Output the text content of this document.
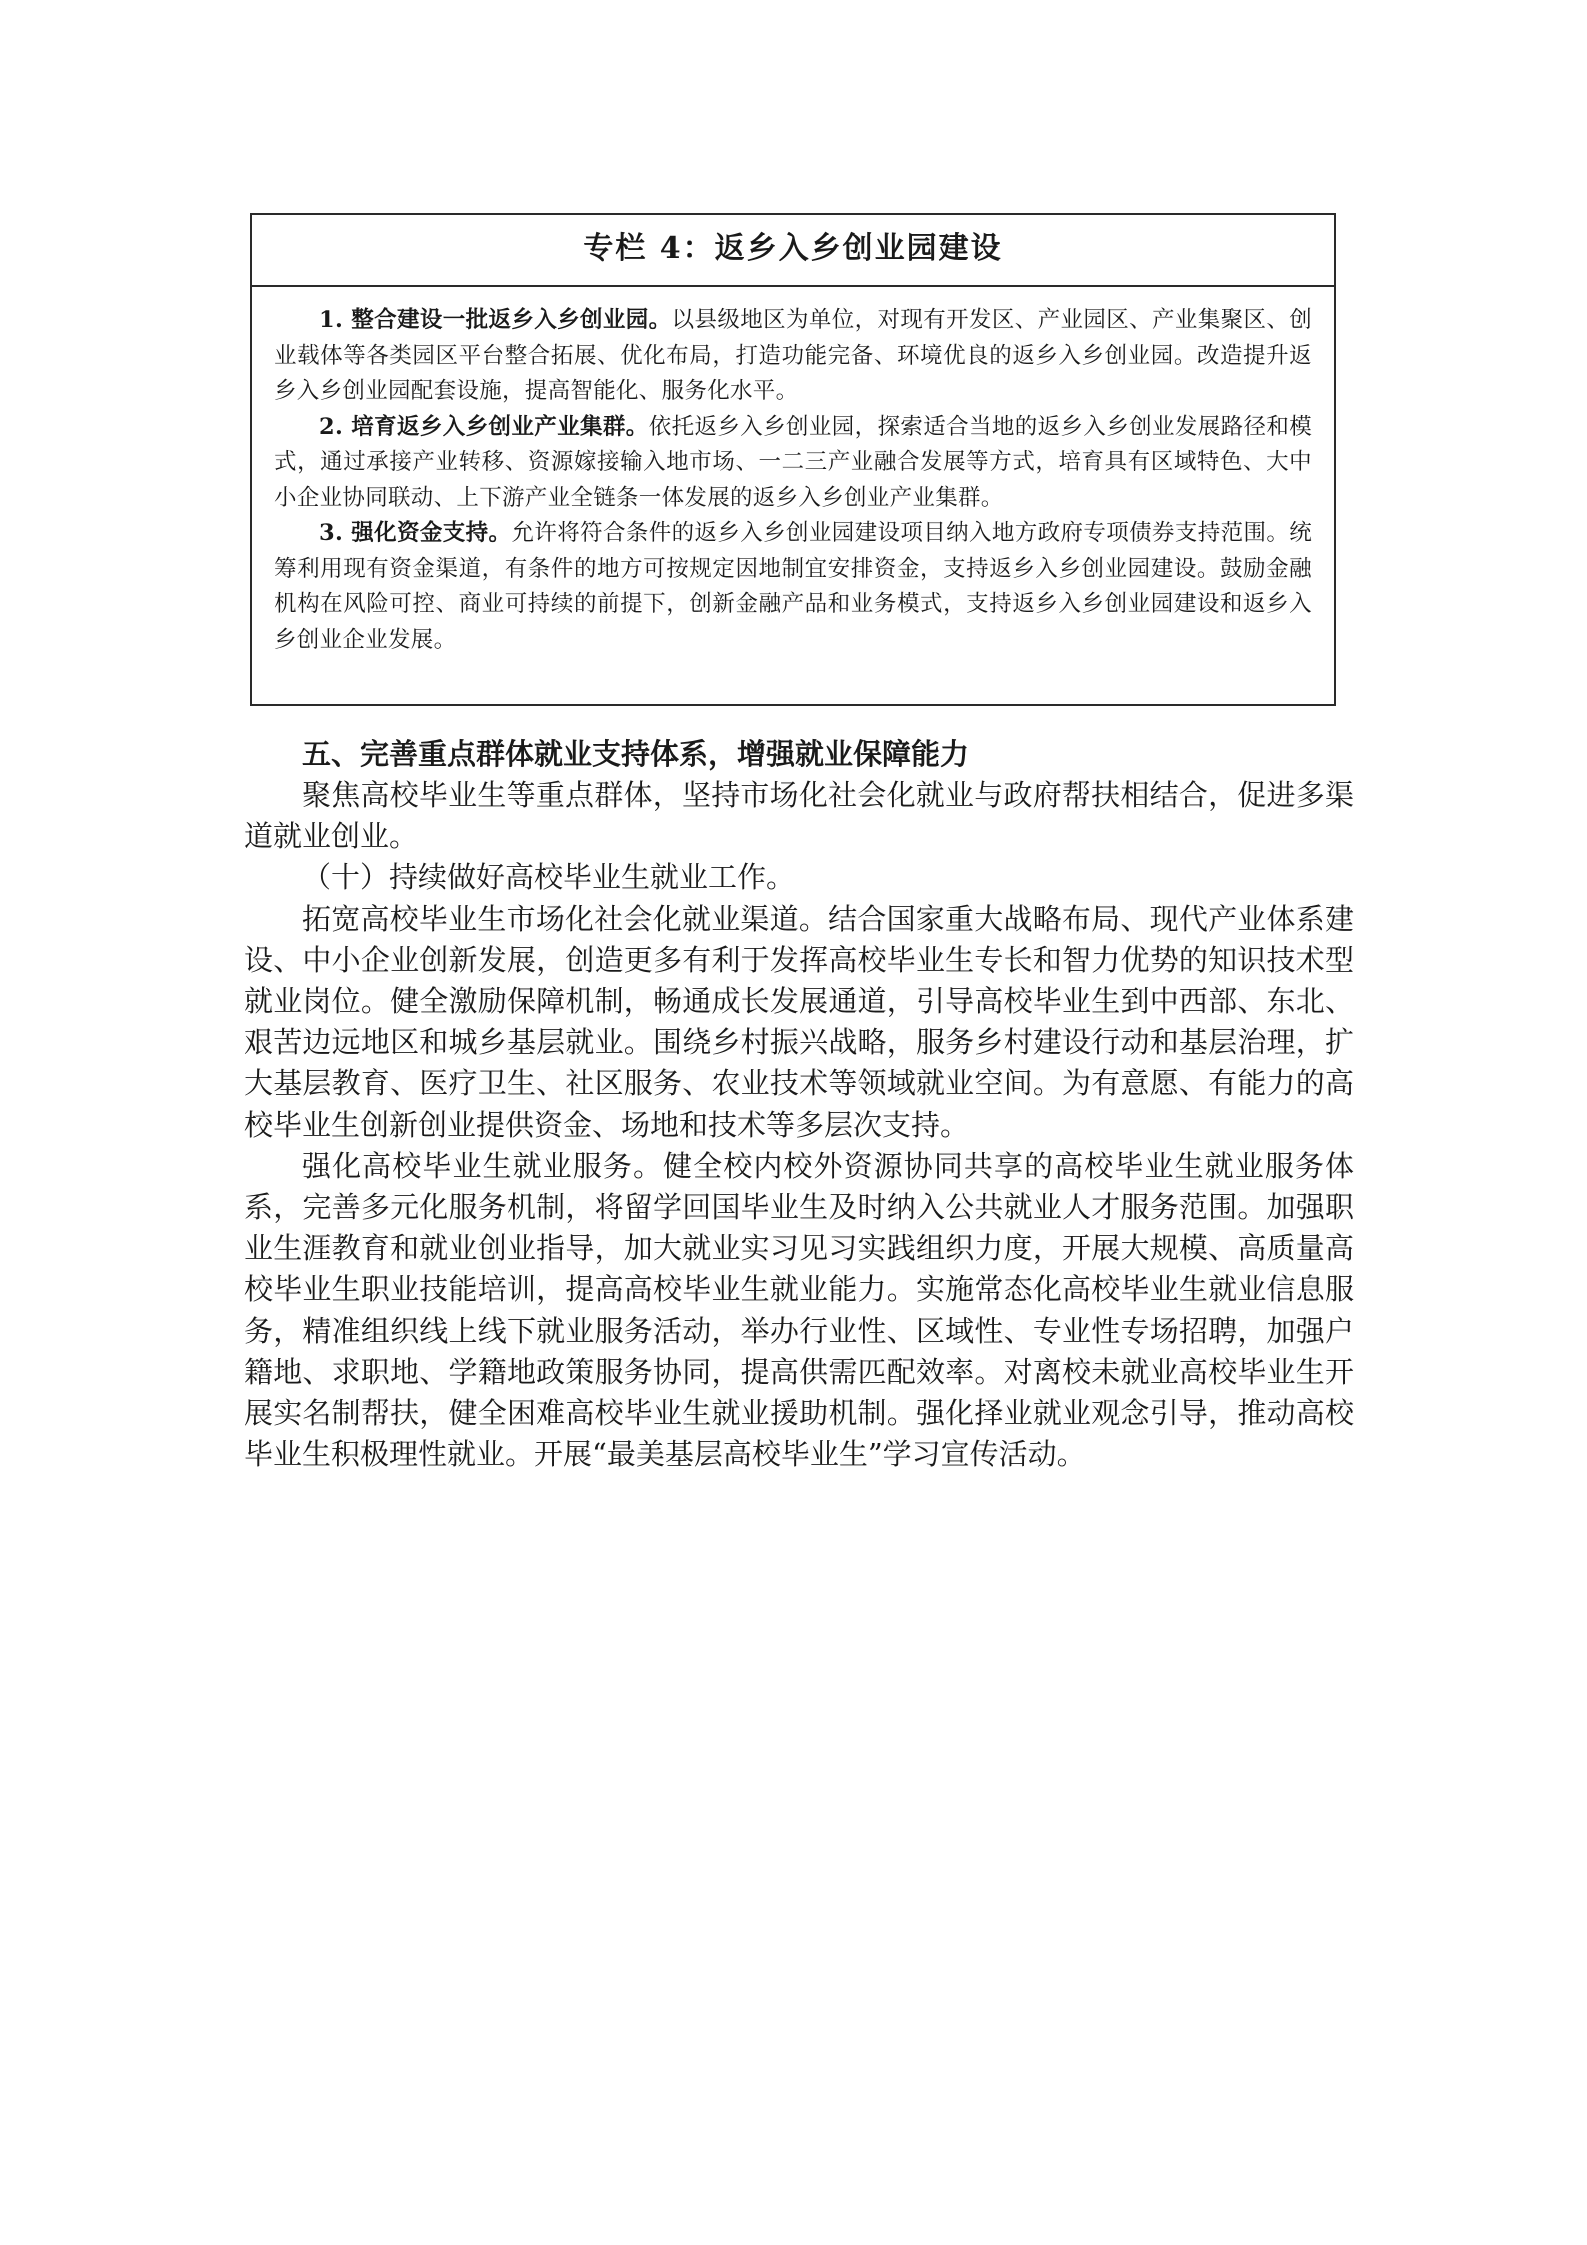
专栏 4：返乡入乡创业园建设

1. 整合建设一批返乡入乡创业园。以县级地区为单位，对现有开发区、产业园区、产业集聚区、创业载体等各类园区平台整合拓展、优化布局，打造功能完备、环境优良的返乡入乡创业园。改造提升返乡入乡创业园配套设施，提高智能化、服务化水平。

2. 培育返乡入乡创业产业集群。依托返乡入乡创业园，探索适合当地的返乡入乡创业发展路径和模式，通过承接产业转移、资源嫁接输入地市场、一二三产业融合发展等方式，培育具有区域特色、大中小企业协同联动、上下游产业全链条一体发展的返乡入乡创业产业集群。

3. 强化资金支持。允许将符合条件的返乡入乡创业园建设项目纳入地方政府专项债券支持范围。统筹利用现有资金渠道，有条件的地方可按规定因地制宜安排资金，支持返乡入乡创业园建设。鼓励金融机构在风险可控、商业可持续的前提下，创新金融产品和业务模式，支持返乡入乡创业园建设和返乡入乡创业企业发展。

五、完善重点群体就业支持体系，增强就业保障能力

聚焦高校毕业生等重点群体，坚持市场化社会化就业与政府帮扶相结合，促进多渠道就业创业。

（十）持续做好高校毕业生就业工作。

拓宽高校毕业生市场化社会化就业渠道。结合国家重大战略布局、现代产业体系建设、中小企业创新发展，创造更多有利于发挥高校毕业生专长和智力优势的知识技术型就业岗位。健全激励保障机制，畅通成长发展通道，引导高校毕业生到中西部、东北、艰苦边远地区和城乡基层就业。围绕乡村振兴战略，服务乡村建设行动和基层治理，扩大基层教育、医疗卫生、社区服务、农业技术等领域就业空间。为有意愿、有能力的高校毕业生创新创业提供资金、场地和技术等多层次支持。

强化高校毕业生就业服务。健全校内校外资源协同共享的高校毕业生就业服务体系，完善多元化服务机制，将留学回国毕业生及时纳入公共就业人才服务范围。加强职业生涯教育和就业创业指导，加大就业实习见习实践组织力度，开展大规模、高质量高校毕业生职业技能培训，提高高校毕业生就业能力。实施常态化高校毕业生就业信息服务，精准组织线上线下就业服务活动，举办行业性、区域性、专业性专场招聘，加强户籍地、求职地、学籍地政策服务协同，提高供需匹配效率。对离校未就业高校毕业生开展实名制帮扶，健全困难高校毕业生就业援助机制。强化择业就业观念引导，推动高校毕业生积极理性就业。开展“最美基层高校毕业生”学习宣传活动。
